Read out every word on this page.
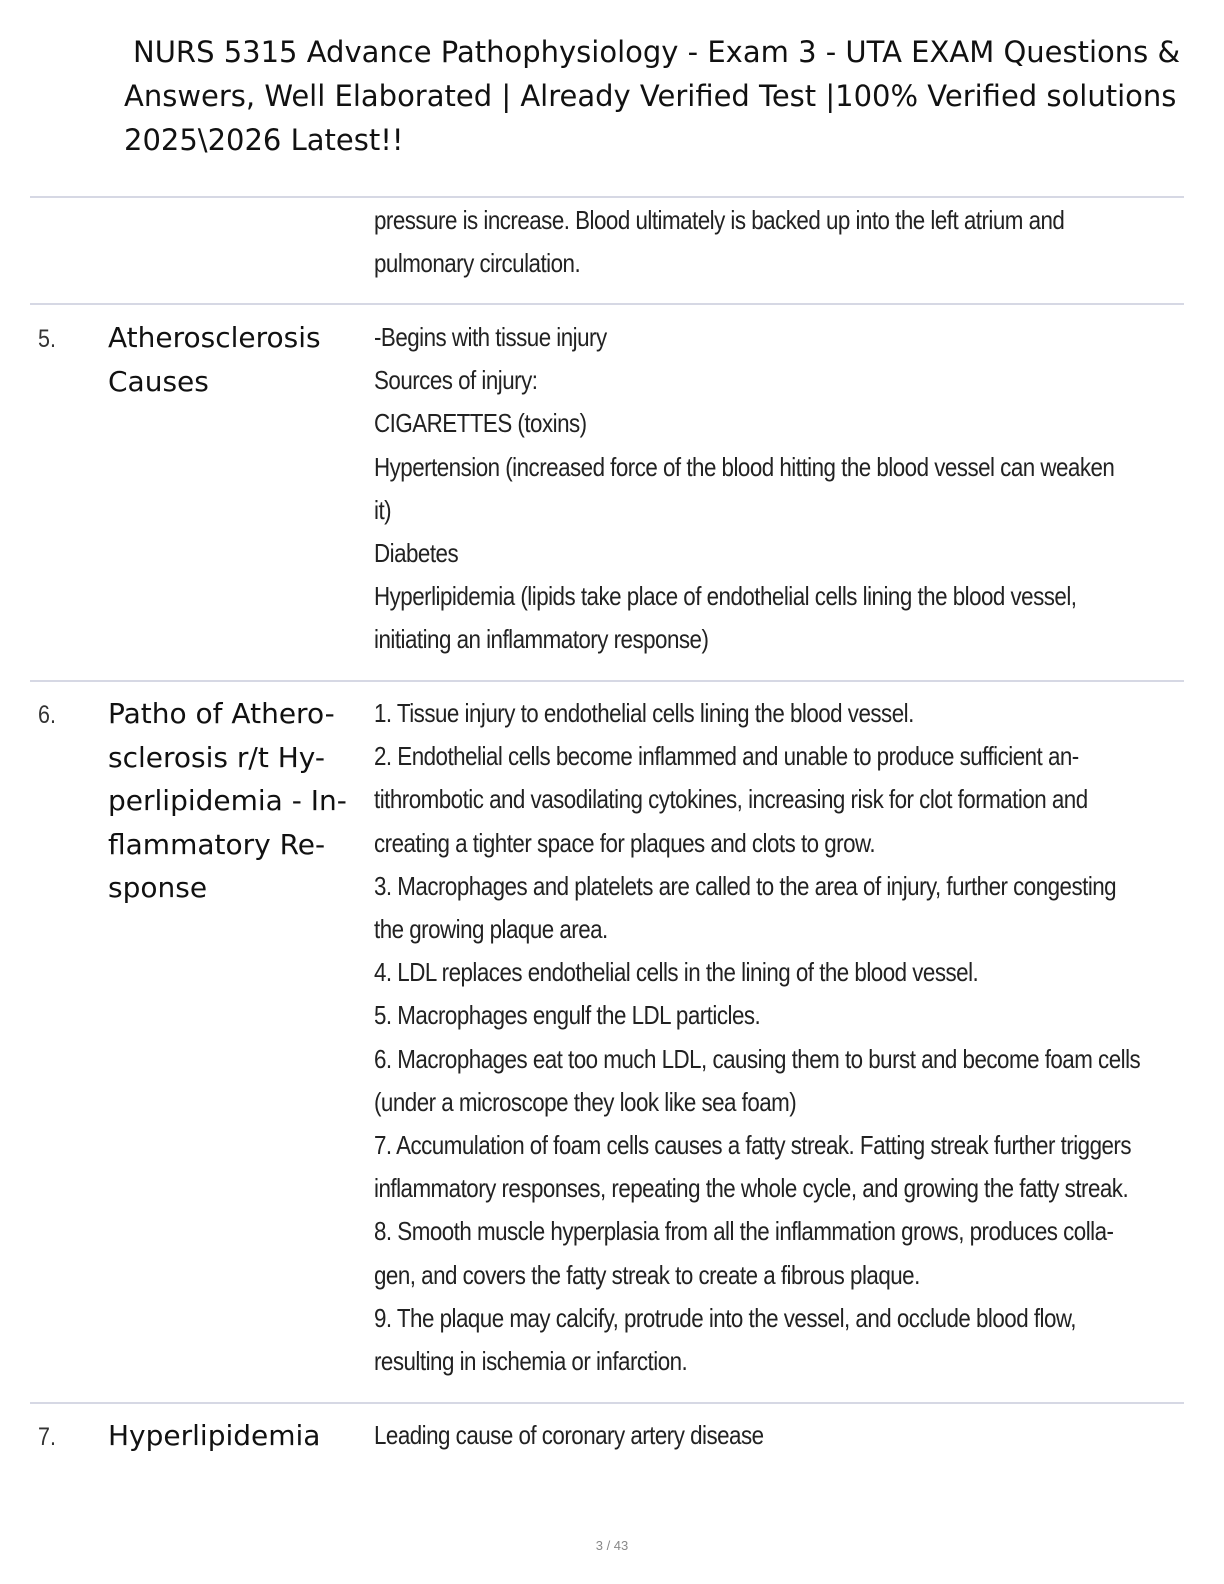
NURS 5315 Advance Pathophysiology - Exam 3 - UTA EXAM Questions &
Answers, Well Elaborated | Already Verified Test |100% Verified solutions
2025\2026 Latest!!
pressure is increase. Blood ultimately is backed up into the left atrium and
pulmonary circulation.
5. Atherosclerosis
Causes
-Begins with tissue injury
Sources of injury:
CIGARETTES (toxins)
Hypertension (increased force of the blood hitting the blood vessel can weaken
it)
Diabetes
Hyperlipidemia (lipids take place of endothelial cells lining the blood vessel,
initiating an inflammatory response)
6. Patho of Athero-
sclerosis r/t Hy-
perlipidemia - In-
flammatory Re-
sponse
1. Tissue injury to endothelial cells lining the blood vessel.
2. Endothelial cells become inflammed and unable to produce sufficient an-
tithrombotic and vasodilating cytokines, increasing risk for clot formation and
creating a tighter space for plaques and clots to grow.
3. Macrophages and platelets are called to the area of injury, further congesting
the growing plaque area.
4. LDL replaces endothelial cells in the lining of the blood vessel.
5. Macrophages engulf the LDL particles.
6. Macrophages eat too much LDL, causing them to burst and become foam cells
(under a microscope they look like sea foam)
7. Accumulation of foam cells causes a fatty streak. Fatting streak further triggers
inflammatory responses, repeating the whole cycle, and growing the fatty streak.
8. Smooth muscle hyperplasia from all the inflammation grows, produces colla-
gen, and covers the fatty streak to create a fibrous plaque.
9. The plaque may calcify, protrude into the vessel, and occlude blood flow,
resulting in ischemia or infarction.
7. Hyperlipidemia	Leading cause of coronary artery disease
3 / 43
